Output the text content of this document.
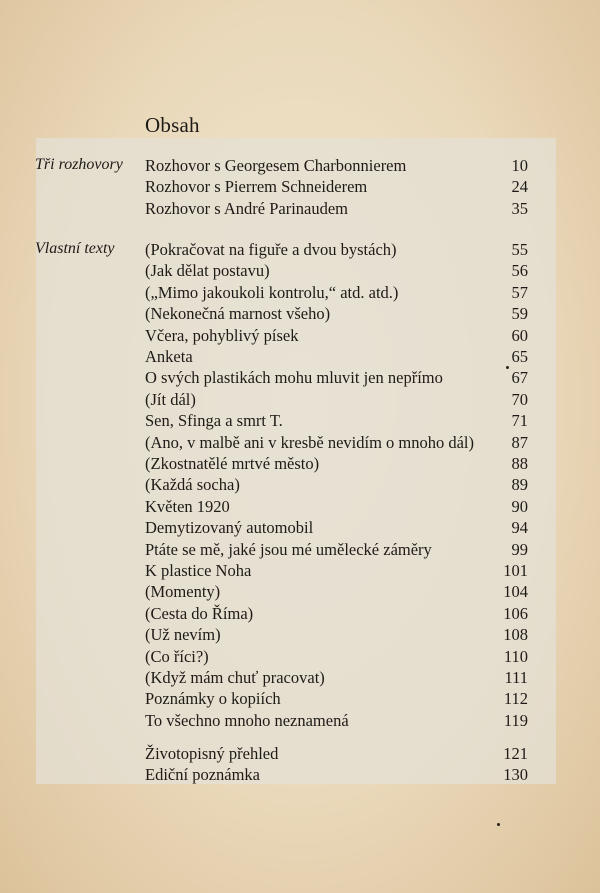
Obsah
Tři rozhovory Rozhovor s Georgesem Charbonnierem	10
Rozhovor s Pierrem Schneiderem	24
Rozhovor s André Parinaudem	35
Vlastní texty (Pokračovat na figuře a dvou bystách)	55
(Jak dělat postavu)	56
(„Mimo jakoukoli kontrolu,“ atd. atd.)	57
(Nekonečná marnost všeho)	59
Včera, pohyblivý písek	60
Anketa	65
O svých plastikách mohu mluvit jen nepřímo	67
(Jít dál)	70
Sen, Sfinga a smrt T.	71
(Ano, v malbě ani v kresbě nevidím o mnoho dál) 87
(Zkostnatělé mrtvé město)	88
(Každá socha)	89
Květen 1920	90
Demytizovaný automobil	94
Ptáte se mě, jaké jsou mé umělecké záměry	99
K plastice Noha	101
(Momenty)	104
(Cesta do Říma)	106
(Už nevím)	108
(Co říci?)	110
(Když mám chuť pracovat)	111
Poznámky o kopiích	112
To všechno mnoho neznamená	119
Životopisný přehled	121
Ediční poznámka	130
